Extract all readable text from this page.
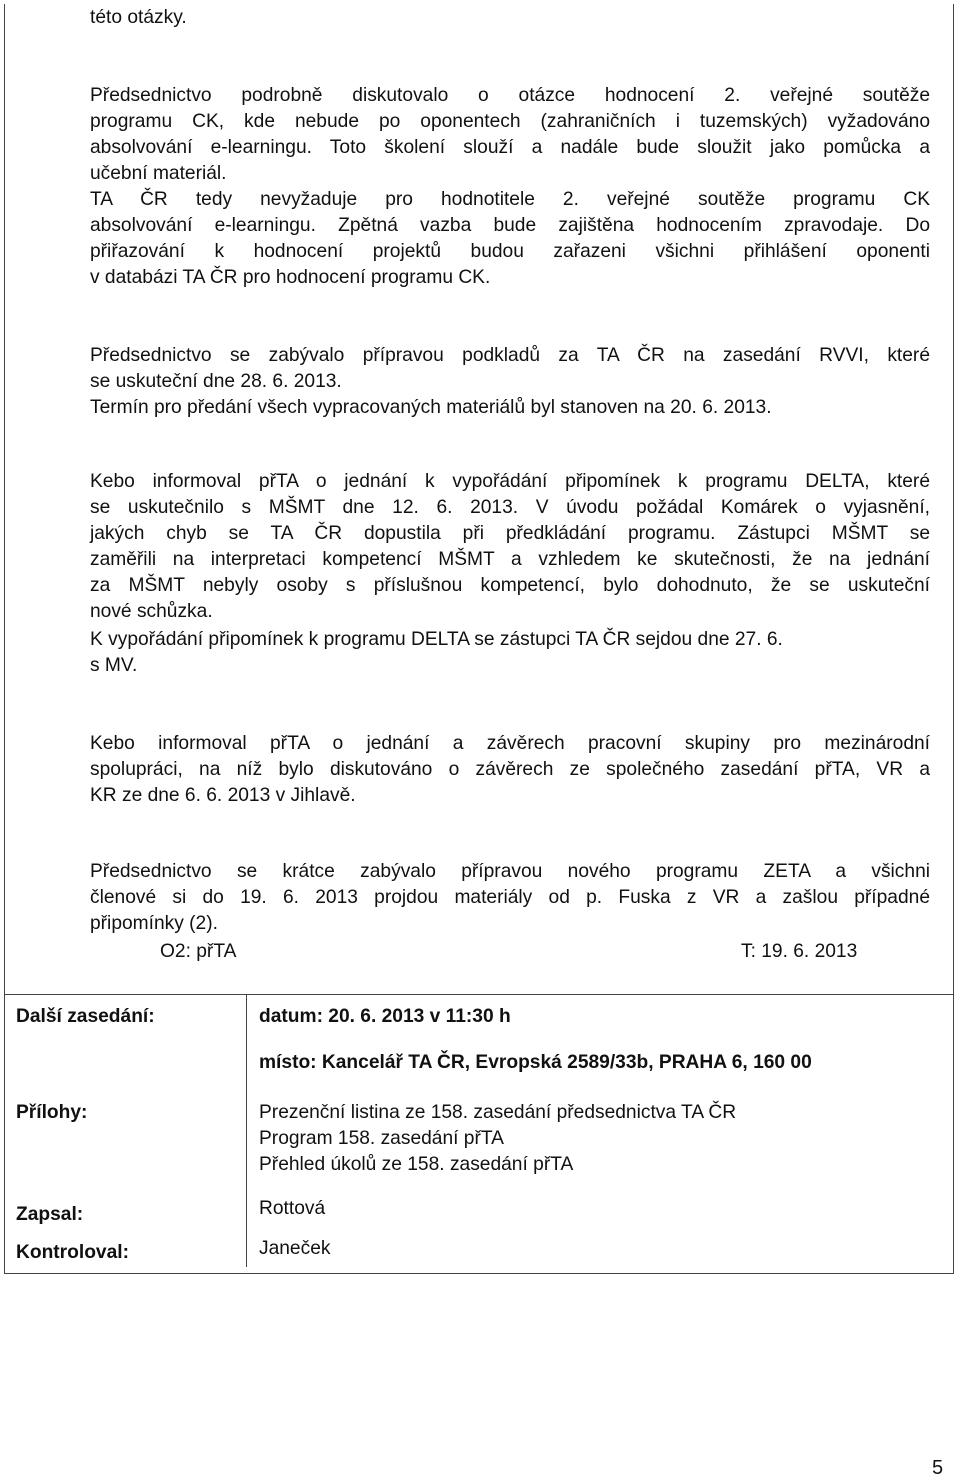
této otázky.
Předsednictvo podrobně diskutovalo o otázce hodnocení 2. veřejné soutěže
programu CK, kde nebude po oponentech (zahraničních i tuzemských) vyžadováno
absolvování e-learningu. Toto školení slouží a nadále bude sloužit jako pomůcka a
učební materiál.
TA ČR tedy nevyžaduje pro hodnotitele 2. veřejné soutěže programu CK
absolvování e-learningu. Zpětná vazba bude zajištěna hodnocením zpravodaje. Do
přiřazování k hodnocení projektů budou zařazeni všichni přihlášení oponenti
v databázi TA ČR pro hodnocení programu CK.
Předsednictvo se zabývalo přípravou podkladů za TA ČR na zasedání RVVI, které
se uskuteční dne 28. 6. 2013.
Termín pro předání všech vypracovaných materiálů byl stanoven na 20. 6. 2013.
Kebo informoval přTA o jednání k vypořádání připomínek k programu DELTA, které
se uskutečnilo s MŠMT dne 12. 6. 2013. V úvodu požádal Komárek o vyjasnění,
jakých chyb se TA ČR dopustila při předkládání programu. Zástupci MŠMT se
zaměřili na interpretaci kompetencí MŠMT a vzhledem ke skutečnosti, že na jednání
za MŠMT nebyly osoby s příslušnou kompetencí, bylo dohodnuto, že se uskuteční
nové schůzka.
K vypořádání připomínek k programu DELTA se zástupci TA ČR sejdou dne 27. 6.
s MV.
Kebo informoval přTA o jednání a závěrech pracovní skupiny pro mezinárodní
spolupráci, na níž bylo diskutováno o závěrech ze společného zasedání přTA, VR a
KR ze dne 6. 6. 2013 v Jihlavě.
Předsednictvo se krátce zabývalo přípravou nového programu ZETA a všichni
členové si do 19. 6. 2013 projdou materiály od p. Fuska z VR a zašlou případné
připomínky (2).
O2: přTA	T: 19. 6. 2013
Další zasedání:	datum: 20. 6. 2013 v 11:30 h
místo: Kancelář TA ČR, Evropská 2589/33b, PRAHA 6, 160 00
Přílohy:	Prezenční listina ze 158. zasedání předsednictva TA ČR
Program 158. zasedání přTA
Přehled úkolů ze 158. zasedání přTA
Zapsal:	Rottová
Kontroloval:	Janeček
5
